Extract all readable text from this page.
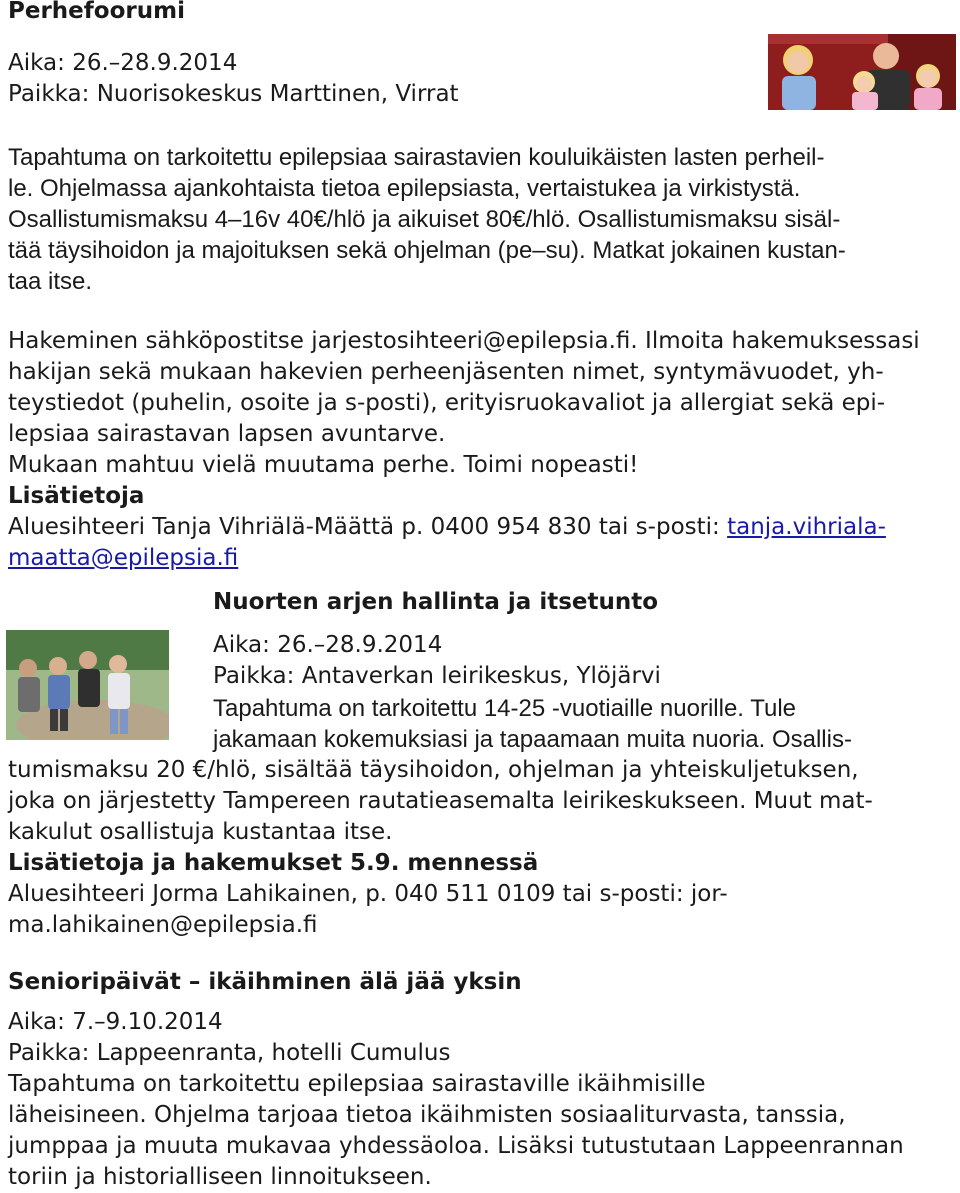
Perhefoorumi
Aika: 26.–28.9.2014
Paikka: Nuorisokeskus Marttinen, Virrat
Tapahtuma on tarkoitettu epilepsiaa sairastavien kouluikäisten lasten perheil-
le. Ohjelmassa ajankohtaista tietoa epilepsiasta, vertaistukea ja virkistystä.
Osallistumismaksu 4–16v 40€/hlö ja aikuiset 80€/hlö. Osallistumismaksu sisäl-
tää täysihoidon ja majoituksen sekä ohjelman (pe–su). Matkat jokainen kustan-
taa itse.
Hakeminen sähköpostitse jarjestosihteeri@epilepsia.fi. Ilmoita hakemuksessasi
hakijan sekä mukaan hakevien perheenjäsenten nimet, syntymävuodet, yh-
teystiedot (puhelin, osoite ja s-posti), erityisruokavaliot ja allergiat sekä epi-
lepsiaa sairastavan lapsen avuntarve.
Mukaan mahtuu vielä muutama perhe. Toimi nopeasti!
Lisätietoja
Aluesihteeri Tanja Vihriälä-Määttä p. 0400 954 830 tai s-posti: tanja.vihriala-
maatta@epilepsia.fi
Nuorten arjen hallinta ja itsetunto
Aika: 26.–28.9.2014
Paikka: Antaverkan leirikeskus, Ylöjärvi
Tapahtuma on tarkoitettu 14-25 -vuotiaille nuorille. Tule
jakamaan kokemuksiasi ja tapaamaan muita nuoria. Osallis-
tumismaksu 20 €/hlö, sisältää täysihoidon, ohjelman ja yhteiskuljetuksen,
joka on järjestetty Tampereen rautatieasemalta leirikeskukseen. Muut mat-
kakulut osallistuja kustantaa itse.
Lisätietoja ja hakemukset 5.9. mennessä
Aluesihteeri Jorma Lahikainen, p. 040 511 0109 tai s-posti: jor-
ma.lahikainen@epilepsia.fi
Senioripäivät – ikäihminen älä jää yksin
Aika: 7.–9.10.2014
Paikka: Lappeenranta, hotelli Cumulus
Tapahtuma on tarkoitettu epilepsiaa sairastaville ikäihmisille
läheisineen. Ohjelma tarjoaa tietoa ikäihmisten sosiaaliturvasta, tanssia,
jumppaa ja muuta mukavaa yhdessäoloa. Lisäksi tutustutaan Lappeenrannan
toriin ja historialliseen linnoitukseen.
